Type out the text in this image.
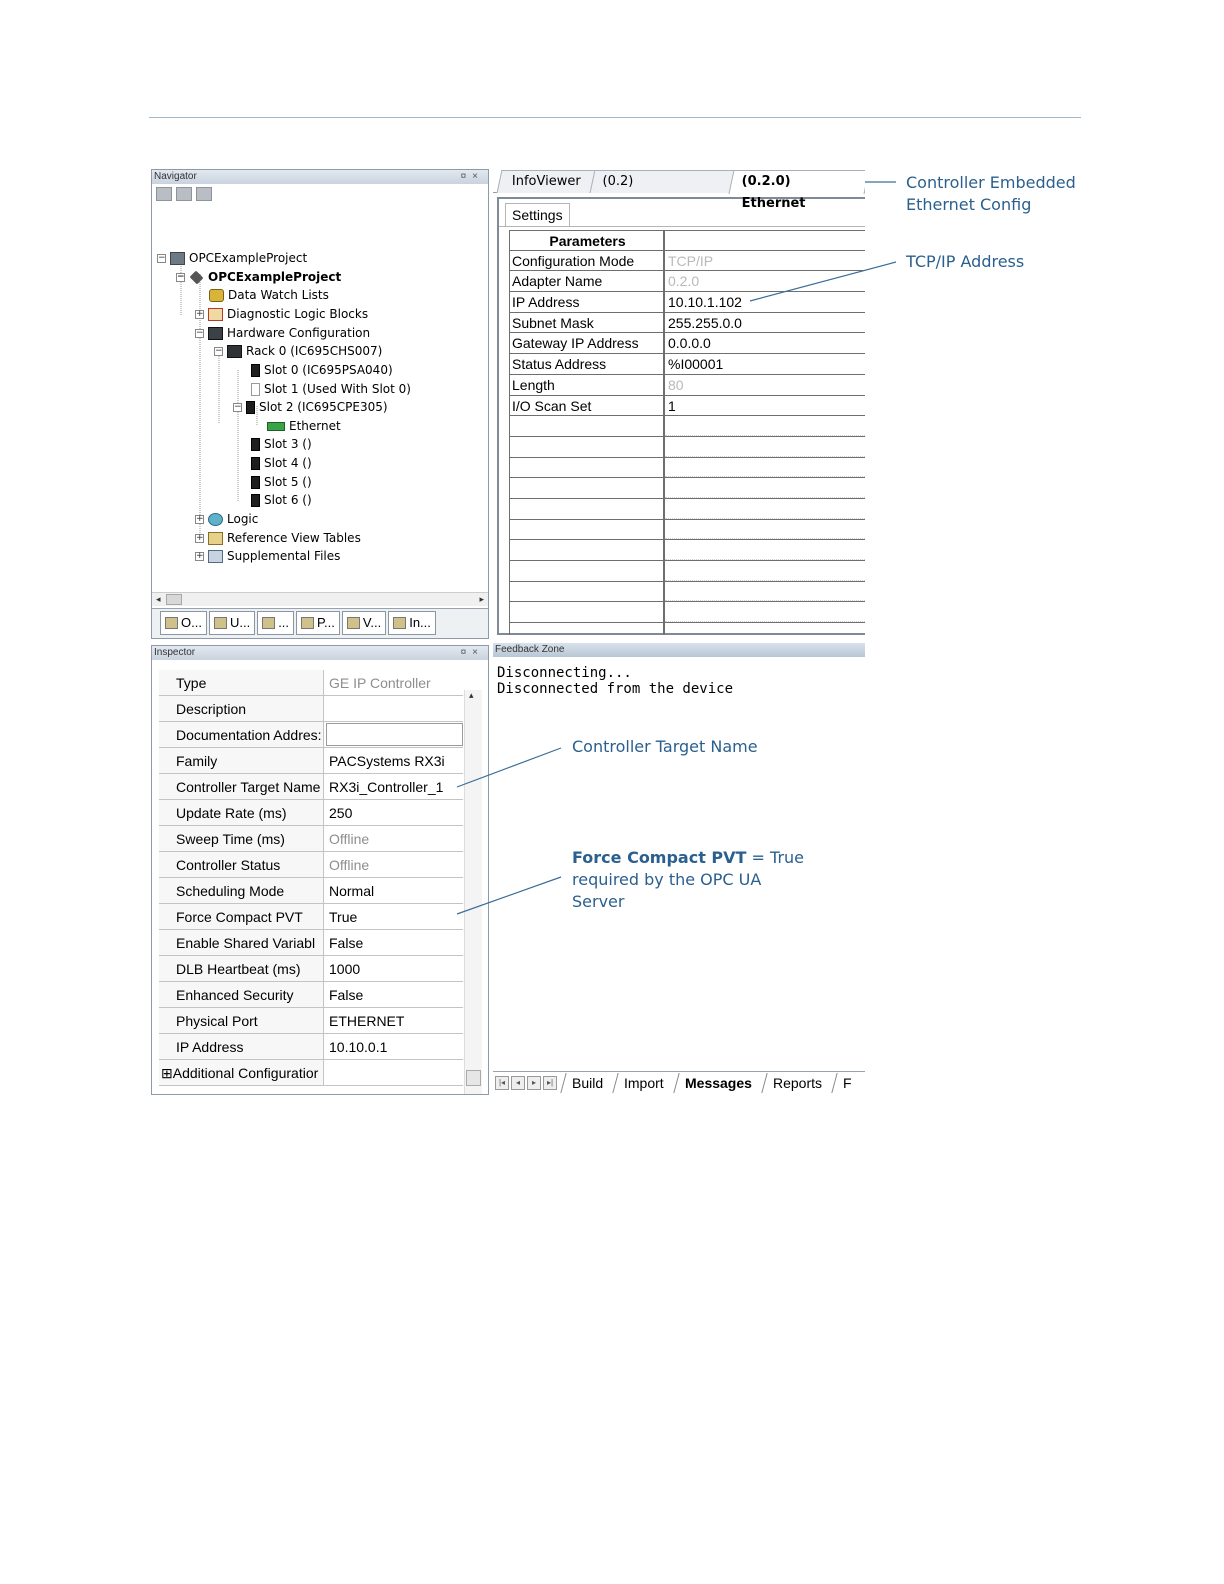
Navigator	¤×
− OPCExampleProject
− OPCExampleProject
Data Watch Lists
+ Diagnostic Logic Blocks
− Hardware Configuration
− Rack 0 (IC695CHS007)
Slot 0 (IC695PSA040)
Slot 1 (Used With Slot 0)
− Slot 2 (IC695CPE305)
Ethernet
Slot 3 ()
Slot 4 ()
Slot 5 ()
Slot 6 ()
+ Logic
+ Reference View Tables
+ Supplemental Files
◂	▸
O... U... ... P... V... In...
Inspector	¤×
Type	GE IP Controller
Description
Documentation Addres:
Family	PACSystems RX3i
Controller Target Name RX3i_Controller_1
Update Rate (ms)	250
Sweep Time (ms)	Offline
Controller Status	Offline
Scheduling Mode	Normal
Force Compact PVT	True
Enable Shared Variabl False
DLB Heartbeat (ms)	1000
Enhanced Security	False
Physical Port	ETHERNET
IP Address	10.10.0.1
⊞Additional Configuratior
▴
InfoViewer	(0.2)	(0.2.0) Ethernet
Settings
Parameters
Configuration Mode	TCP/IP
Adapter Name	0.2.0
IP Address	10.10.1.102
Subnet Mask	255.255.0.0
Gateway IP Address	0.0.0.0
Status Address	%I00001
Length	80
I/O Scan Set	1
Feedback Zone
Disconnecting...
Disconnected from the device
|◂	◂	▸	▸|	Build	Import	Messages	Reports	F
Controller Embedded
Ethernet Config
TCP/IP Address
Controller Target Name
Force Compact PVT = True
required by the OPC UA
Server
